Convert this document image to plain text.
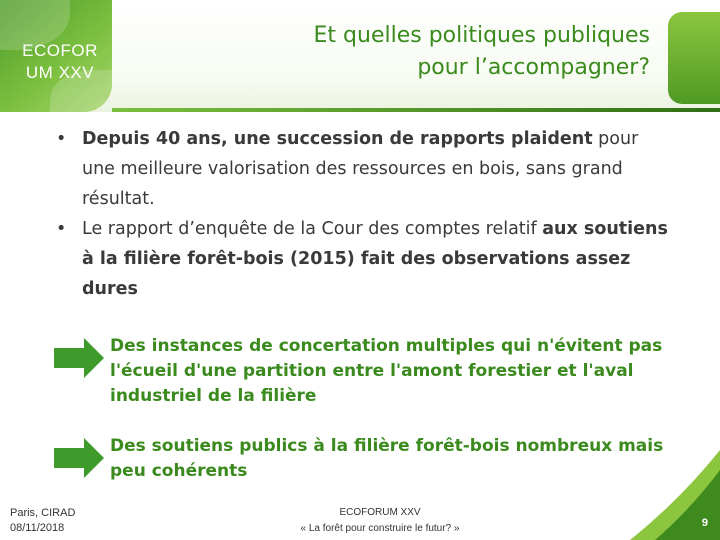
ECOFOR
UM XXV
Et quelles politiques publiques
pour l’accompagner?
• Depuis 40 ans, une succession de rapports plaident pour une meilleure valorisation des ressources en bois, sans grand résultat.
• Le rapport d’enquête de la Cour des comptes relatif aux soutiens à la filière forêt-bois (2015) fait des observations assez dures
Des instances de concertation multiples qui n'évitent pas l'écueil d'une partition entre l'amont forestier et l'aval industriel de la filière
Des soutiens publics à la filière forêt-bois nombreux mais peu cohérents
Paris, CIRAD
08/11/2018
ECOFORUM XXV
« La forêt pour construire le futur? »	9
